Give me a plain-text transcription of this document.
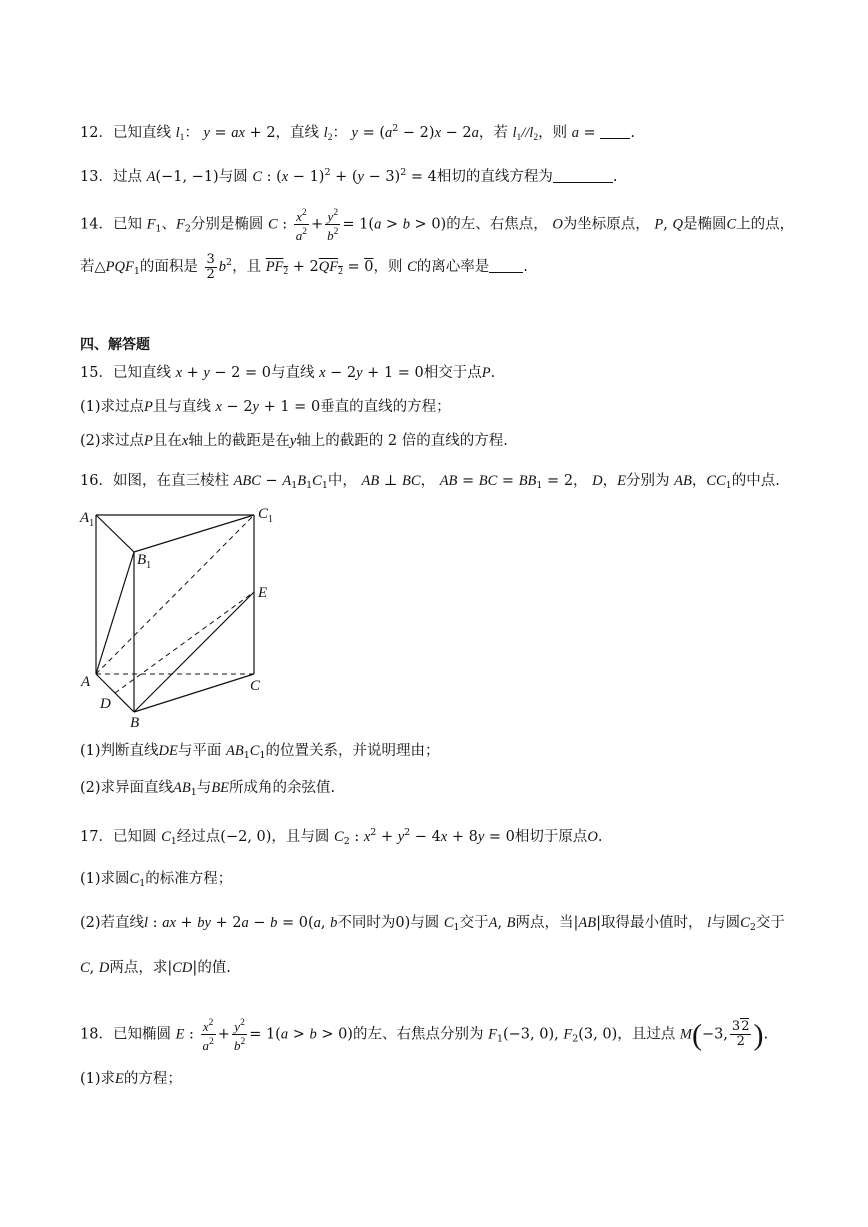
12．已知直线 $l_1$： y = ax + 2，直线 $l_2$： $y = (a^2 - 2)x - 2a$，若 $l_1//l_2$，则 a = .
13．过点 A(−1, −1)与圆 C : $(x - 1)^2 + (y - 3)^2 = 4$相切的直线方程为	.
14．已知 $F_1$、$F_2$分别是椭圆 C : $\frac{x^2}{a^2} + \frac{y^2}{b^2} = 1(a > b > 0)$的左、右焦点， O为坐标原点， P, Q是椭圆C上的点，
若$\triangle PQF_1$的面积是 $\frac{3}{2} b^2$，且 $PF_2 + 2QF_2 = 0$，则 C的离心率是 .
四、解答题
15．已知直线 x + y − 2 = 0与直线 x − 2y + 1 = 0相交于点P.
(1)求过点P且与直线 x − 2y + 1 = 0垂直的直线的方程；
(2)求过点P且在x轴上的截距是在y轴上的截距的 2 倍的直线的方程.
16．如图，在直三棱柱 ABC − $A_1B_1C_1$中， AB ⊥ BC， AB = BC = $BB_1 = 2$， D，E分别为 AB，$CC_1$的中点.
$A_1$
$C_1$
$B_1$
E
A
D
B
C
(1)判断直线DE与平面 $AB_1C_1$的位置关系，并说明理由；
(2)求异面直线$AB_1$与BE所成角的余弦值.
17．已知圆 $C_1$经过点(−2, 0)，且与圆 $C_2$ : $x^2 + y^2 - 4x + 8y = 0$相切于原点O.
(1)求圆$C_1$的标准方程；
(2)若直线l : ax + by + 2a − b = 0(a, b不同时为0)与圆 $C_1$交于A, B两点，当|AB|取得最小值时， l与圆$C_2$交于
C, D两点，求|CD|的值.
18．已知椭圆 E : $\frac{x^2}{a^2} + \frac{y^2}{b^2} = 1(a > b > 0)$的左、右焦点分别为 $F_1(-3$, 0), $F_2(3$, 0)，且过点 M(−3, $\frac{32}{2}$ ).
(1)求E的方程；
